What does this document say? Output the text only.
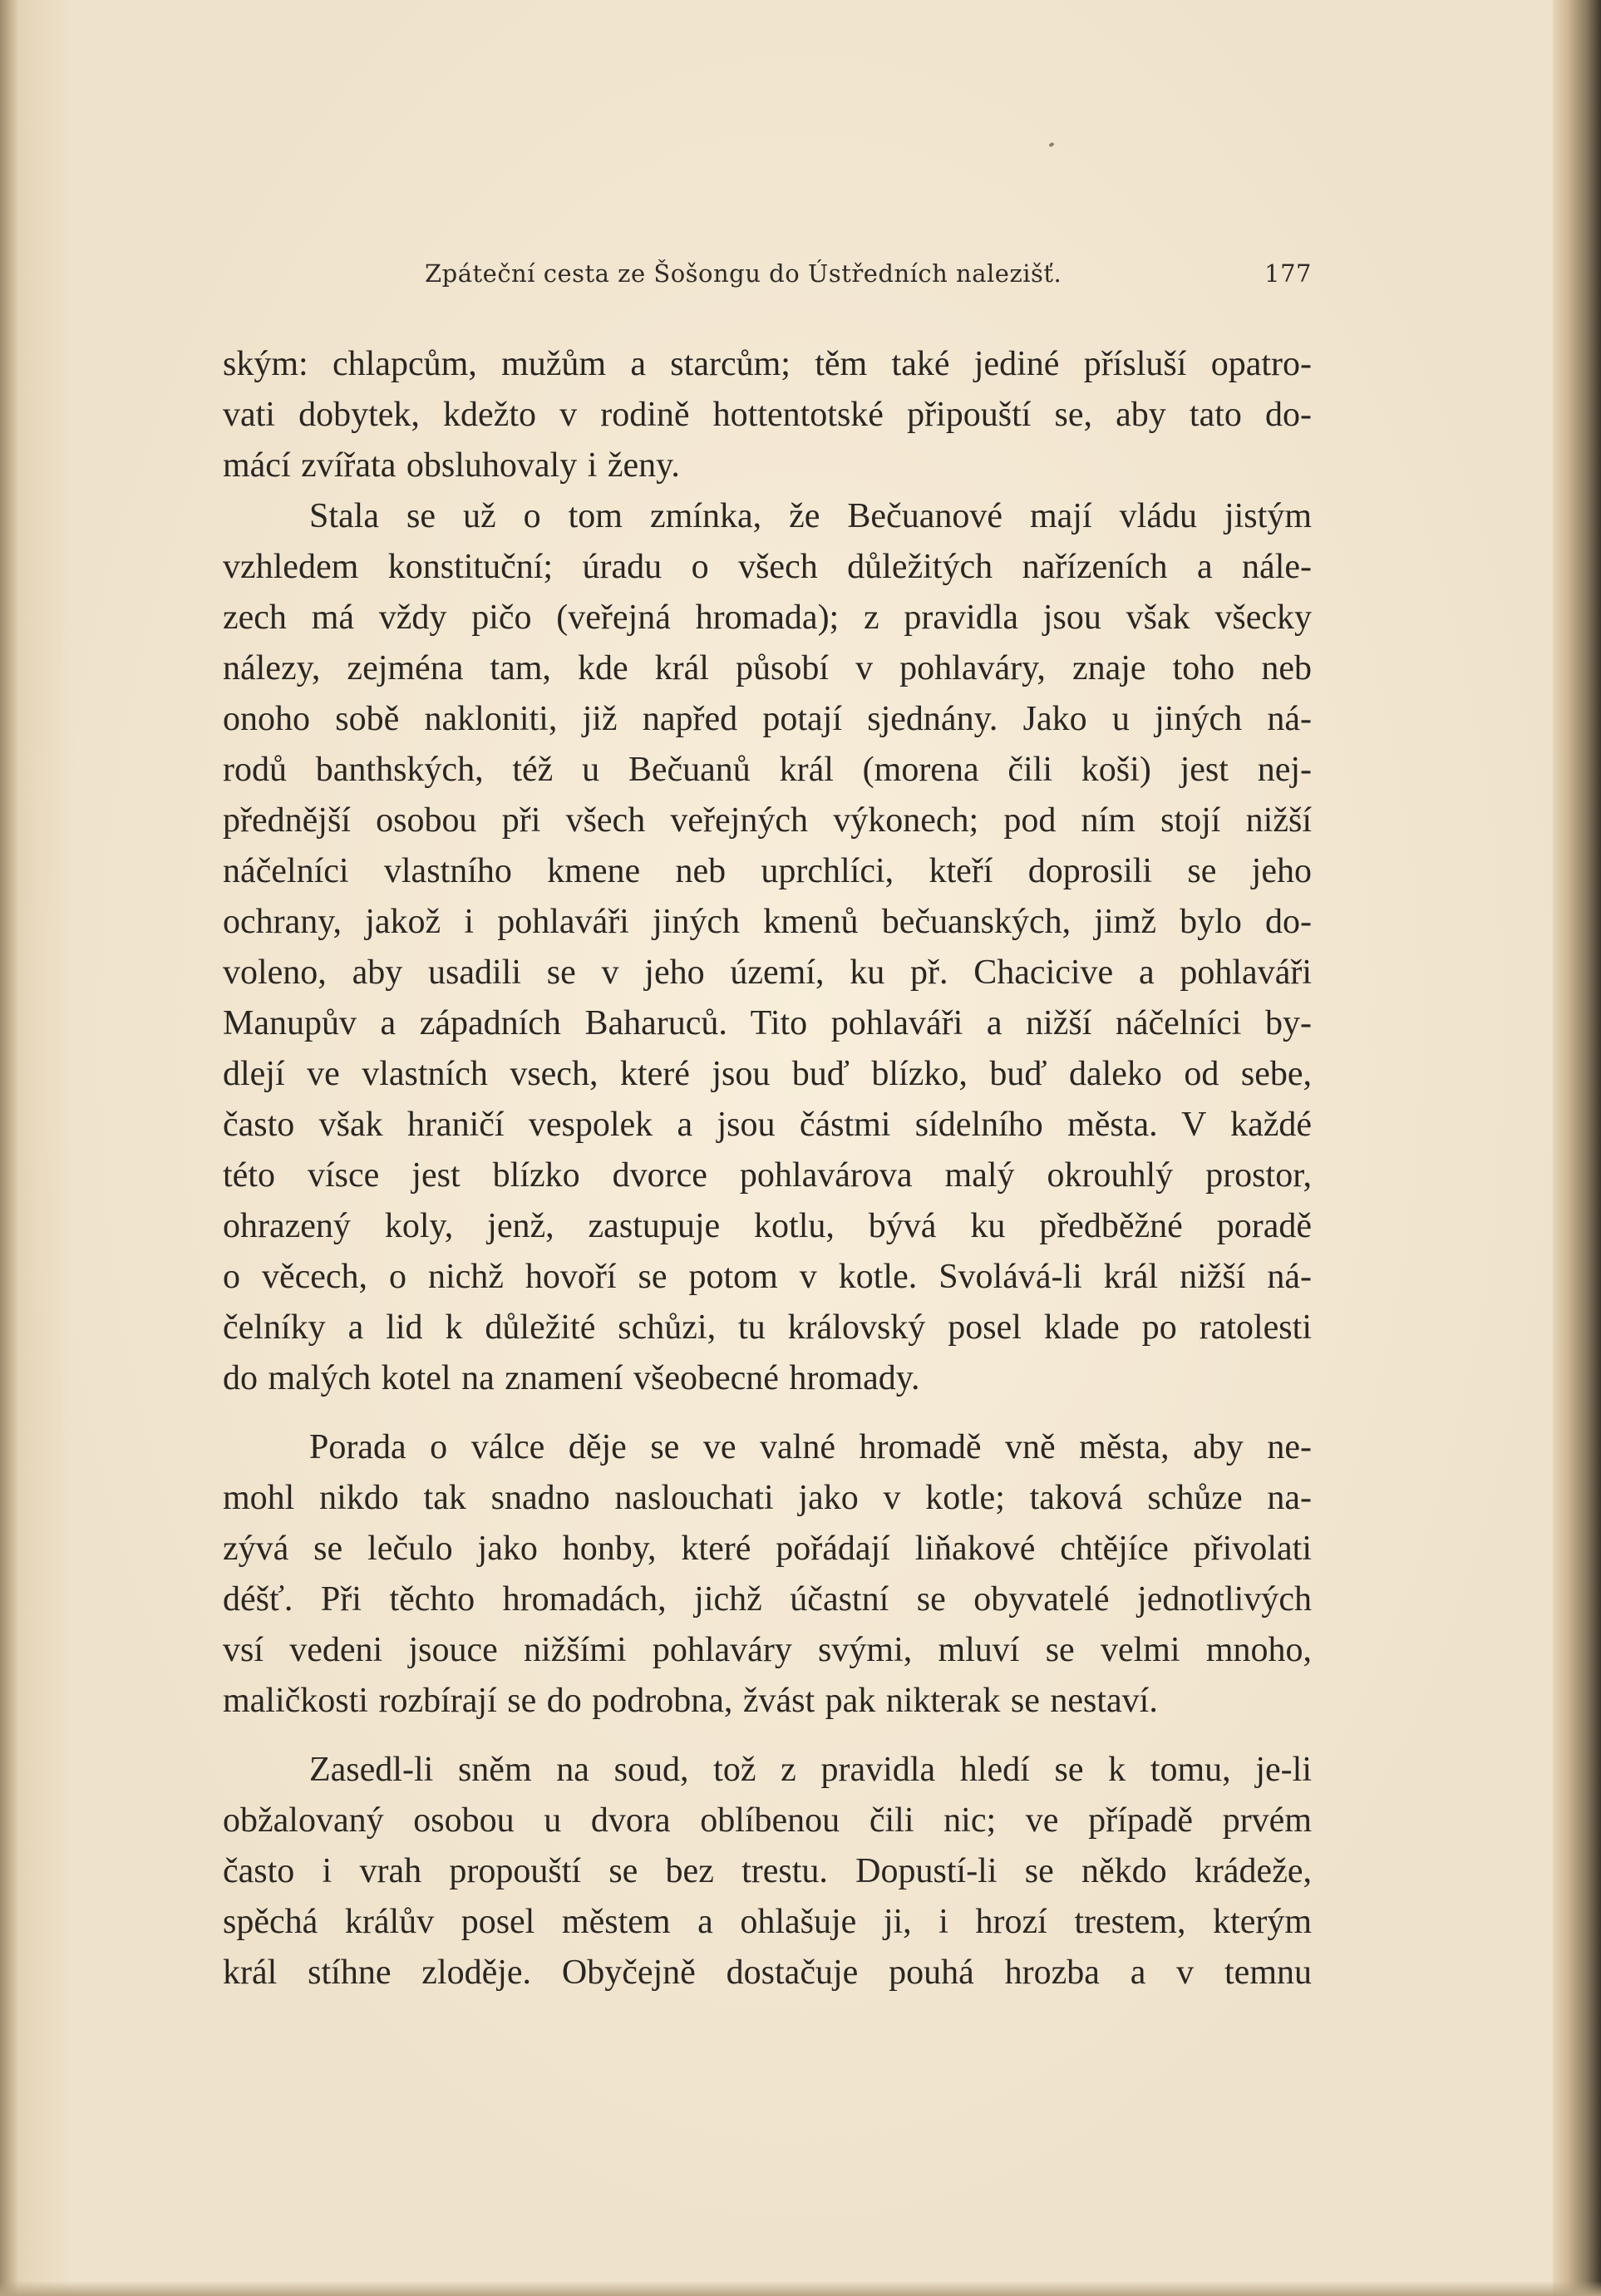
Zpáteční cesta ze Šošongu do Ústředních nalezišť.	177
ským: chlapcům, mužům a starcům; těm také jediné přísluší opatro-
vati dobytek, kdežto v rodině hottentotské připouští se, aby tato do-
mácí zvířata obsluhovaly i ženy.
Stala se už o tom zmínka, že Bečuanové mají vládu jistým
vzhledem konstituční; úradu o všech důležitých nařízeních a nále-
zech má vždy pičo (veřejná hromada); z pravidla jsou však všecky
nálezy, zejména tam, kde král působí v pohlaváry, znaje toho neb
onoho sobě nakloniti, již napřed potají sjednány. Jako u jiných ná-
rodů banthských, též u Bečuanů král (morena čili koši) jest nej-
přednější osobou při všech veřejných výkonech; pod ním stojí nižší
náčelníci vlastního kmene neb uprchlíci, kteří doprosili se jeho
ochrany, jakož i pohlaváři jiných kmenů bečuanských, jimž bylo do-
voleno, aby usadili se v jeho území, ku př. Chacicive a pohlaváři
Manupův a západních Baharuců. Tito pohlaváři a nižší náčelníci by-
dlejí ve vlastních vsech, které jsou buď blízko, buď daleko od sebe,
často však hraničí vespolek a jsou částmi sídelního města. V každé
této vísce jest blízko dvorce pohlavárova malý okrouhlý prostor,
ohrazený koly, jenž, zastupuje kotlu, bývá ku předběžné poradě
o věcech, o nichž hovoří se potom v kotle. Svolává-li král nižší ná-
čelníky a lid k důležité schůzi, tu královský posel klade po ratolesti
do malých kotel na znamení všeobecné hromady.
Porada o válce děje se ve valné hromadě vně města, aby ne-
mohl nikdo tak snadno naslouchati jako v kotle; taková schůze na-
zývá se lečulo jako honby, které pořádají liňakové chtějíce přivolati
déšť. Při těchto hromadách, jichž účastní se obyvatelé jednotlivých
vsí vedeni jsouce nižšími pohlaváry svými, mluví se velmi mnoho,
maličkosti rozbírají se do podrobna, žvást pak nikterak se nestaví.
Zasedl-li sněm na soud, tož z pravidla hledí se k tomu, je-li
obžalovaný osobou u dvora oblíbenou čili nic; ve případě prvém
často i vrah propouští se bez trestu. Dopustí-li se někdo krádeže,
spěchá králův posel městem a ohlašuje ji, i hrozí trestem, kterým
král stíhne zloděje. Obyčejně dostačuje pouhá hrozba a v temnu
